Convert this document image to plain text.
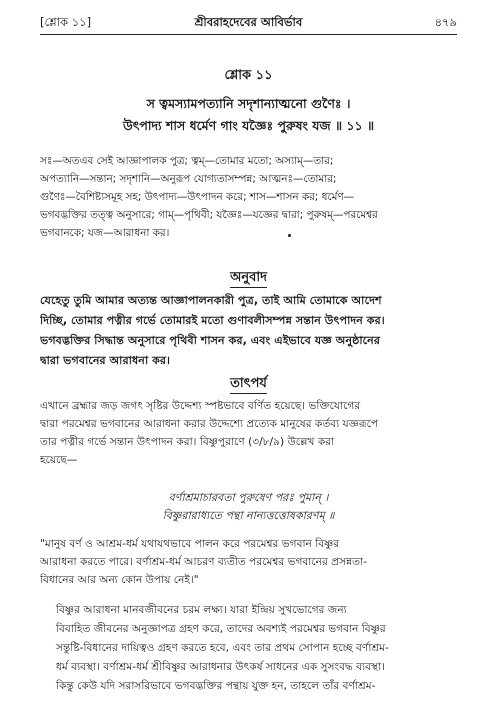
[শ্লোক ১১]	শ্রীবরাহদেবের আবির্ভাব	৪৭৯
শ্লোক ১১
স ত্বমস্যামপত্যানি সদৃশান্যাত্মনো গুণৈঃ ।
উৎপাদ্য শাস ধর্মেণ গাং যজ্ঞৈঃ পুরুষং যজ ॥ ১১ ॥
সঃ—অতএব সেই আজ্ঞাপালক পুত্র; ত্বম্—তোমার মতো; অস্যাম্—তার;
অপত্যানি—সন্তান; সদৃশানি—অনুরূপ যোগ্যতাসম্পন্ন; আত্মনঃ—তোমার;
গুণৈঃ—বৈশিষ্ট্যসমূহ সহ; উৎপাদ্য—উৎপাদন করে; শাস—শাসন কর; ধর্মেণ—
ভগবদ্ভক্তির তত্ত্ব অনুসারে; গাম্—পৃথিবী; যজ্ঞৈঃ—যজ্ঞের দ্বারা; পুরুষম্—পরমেশ্বর
ভগবানকে; যজ—আরাধনা কর।
অনুবাদ
যেহেতু তুমি আমার অত্যন্ত আজ্ঞাপালনকারী পুত্র, তাই আমি তোমাকে আদেশ
দিচ্ছি, তোমার পত্নীর গর্ভে তোমারই মতো গুণাবলীসম্পন্ন সন্তান উৎপাদন কর।
ভগবদ্ভক্তির সিদ্ধান্ত অনুসারে পৃথিবী শাসন কর, এবং এইভাবে যজ্ঞ অনুষ্ঠানের
দ্বারা ভগবানের আরাধনা কর।
তাৎপর্য
এখানে ব্রহ্মার জড় জগৎ সৃষ্টির উদ্দেশ্য স্পষ্টভাবে বর্ণিত হয়েছে। ভক্তিযোগের
দ্বারা পরমেশ্বর ভগবানের আরাধনা করার উদ্দেশ্যে প্রত্যেক মানুষের কর্তব্য যজ্ঞরূপে
তার পত্নীর গর্ভে সন্তান উৎপাদন করা। বিষ্ণুপুরাণে (৩/৮/৯) উল্লেখ করা
হয়েছে—
বর্ণাশ্রমাচারবতা পুরুষেণ পরঃ পুমান্ ।
বিষ্ণুরারাধ্যতে পন্থা নান্যত্তত্তোষকারণম্ ॥
"মানুষ বর্ণ ও আশ্রম-ধর্ম যথাযথভাবে পালন করে পরমেশ্বর ভগবান বিষ্ণুর
আরাধনা করতে পারে। বর্ণাশ্রম-ধর্ম আচরণ ব্যতীত পরমেশ্বর ভগবানের প্রসন্নতা-
বিধানের আর অন্য কোন উপায় নেই।"
বিষ্ণুর আরাধনা মানবজীবনের চরম লক্ষ্য। যারা ইন্দ্রিয় সুখভোগের জন্য
বিবাহিত জীবনের অনুজ্ঞাপত্র গ্রহণ করে, তাদের অবশ্যই পরমেশ্বর ভগবান বিষ্ণুর
সন্তুষ্টি-বিধানের দায়িত্বও গ্রহণ করতে হবে, এবং তার প্রথম সোপান হচ্ছে বর্ণাশ্রম-
ধর্ম ব্যবস্থা। বর্ণাশ্রম-ধর্ম শ্রীবিষ্ণুর আরাধনার উৎকর্ষ সাধনের এক সুসংবদ্ধ ব্যবস্থা।
কিন্তু কেউ যদি সরাসরিভাবে ভগবদ্ভক্তির পন্থায় যুক্ত হন, তাহলে তাঁর বর্ণাশ্রম-
